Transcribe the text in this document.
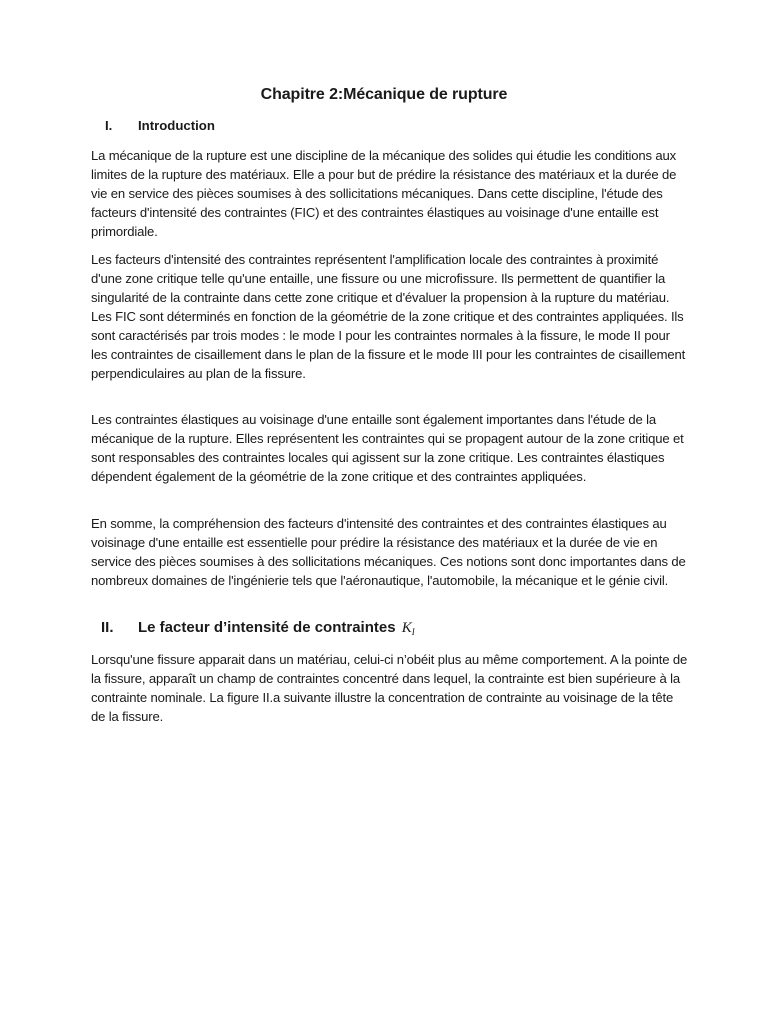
Chapitre 2:Mécanique de rupture
I. Introduction

La mécanique de la rupture est une discipline de la mécanique des solides qui étudie les conditions aux limites de la rupture des matériaux. Elle a pour but de prédire la résistance des matériaux et la durée de vie en service des pièces soumises à des sollicitations mécaniques. Dans cette discipline, l'étude des facteurs d'intensité des contraintes (FIC) et des contraintes élastiques au voisinage d'une entaille est primordiale.

Les facteurs d'intensité des contraintes représentent l'amplification locale des contraintes à proximité d'une zone critique telle qu'une entaille, une fissure ou une microfissure. Ils permettent de quantifier la singularité de la contrainte dans cette zone critique et d'évaluer la propension à la rupture du matériau. Les FIC sont déterminés en fonction de la géométrie de la zone critique et des contraintes appliquées. Ils sont caractérisés par trois modes : le mode I pour les contraintes normales à la fissure, le mode II pour les contraintes de cisaillement dans le plan de la fissure et le mode III pour les contraintes de cisaillement perpendiculaires au plan de la fissure.

Les contraintes élastiques au voisinage d'une entaille sont également importantes dans l'étude de la mécanique de la rupture. Elles représentent les contraintes qui se propagent autour de la zone critique et sont responsables des contraintes locales qui agissent sur la zone critique. Les contraintes élastiques dépendent également de la géométrie de la zone critique et des contraintes appliquées.

En somme, la compréhension des facteurs d'intensité des contraintes et des contraintes élastiques au voisinage d'une entaille est essentielle pour prédire la résistance des matériaux et la durée de vie en service des pièces soumises à des sollicitations mécaniques. Ces notions sont donc importantes dans de nombreux domaines de l'ingénierie tels que l'aéronautique, l'automobile, la mécanique et le génie civil.

II. Le facteur d’intensité de contraintes $K_I$

Lorsqu'une fissure apparait dans un matériau, celui-ci n’obéit plus au même comportement. A la pointe de la fissure, apparaît un champ de contraintes concentré dans lequel, la contrainte est bien supérieure à la contrainte nominale. La figure II.a suivante illustre la concentration de contrainte au voisinage de la tête de la fissure.
